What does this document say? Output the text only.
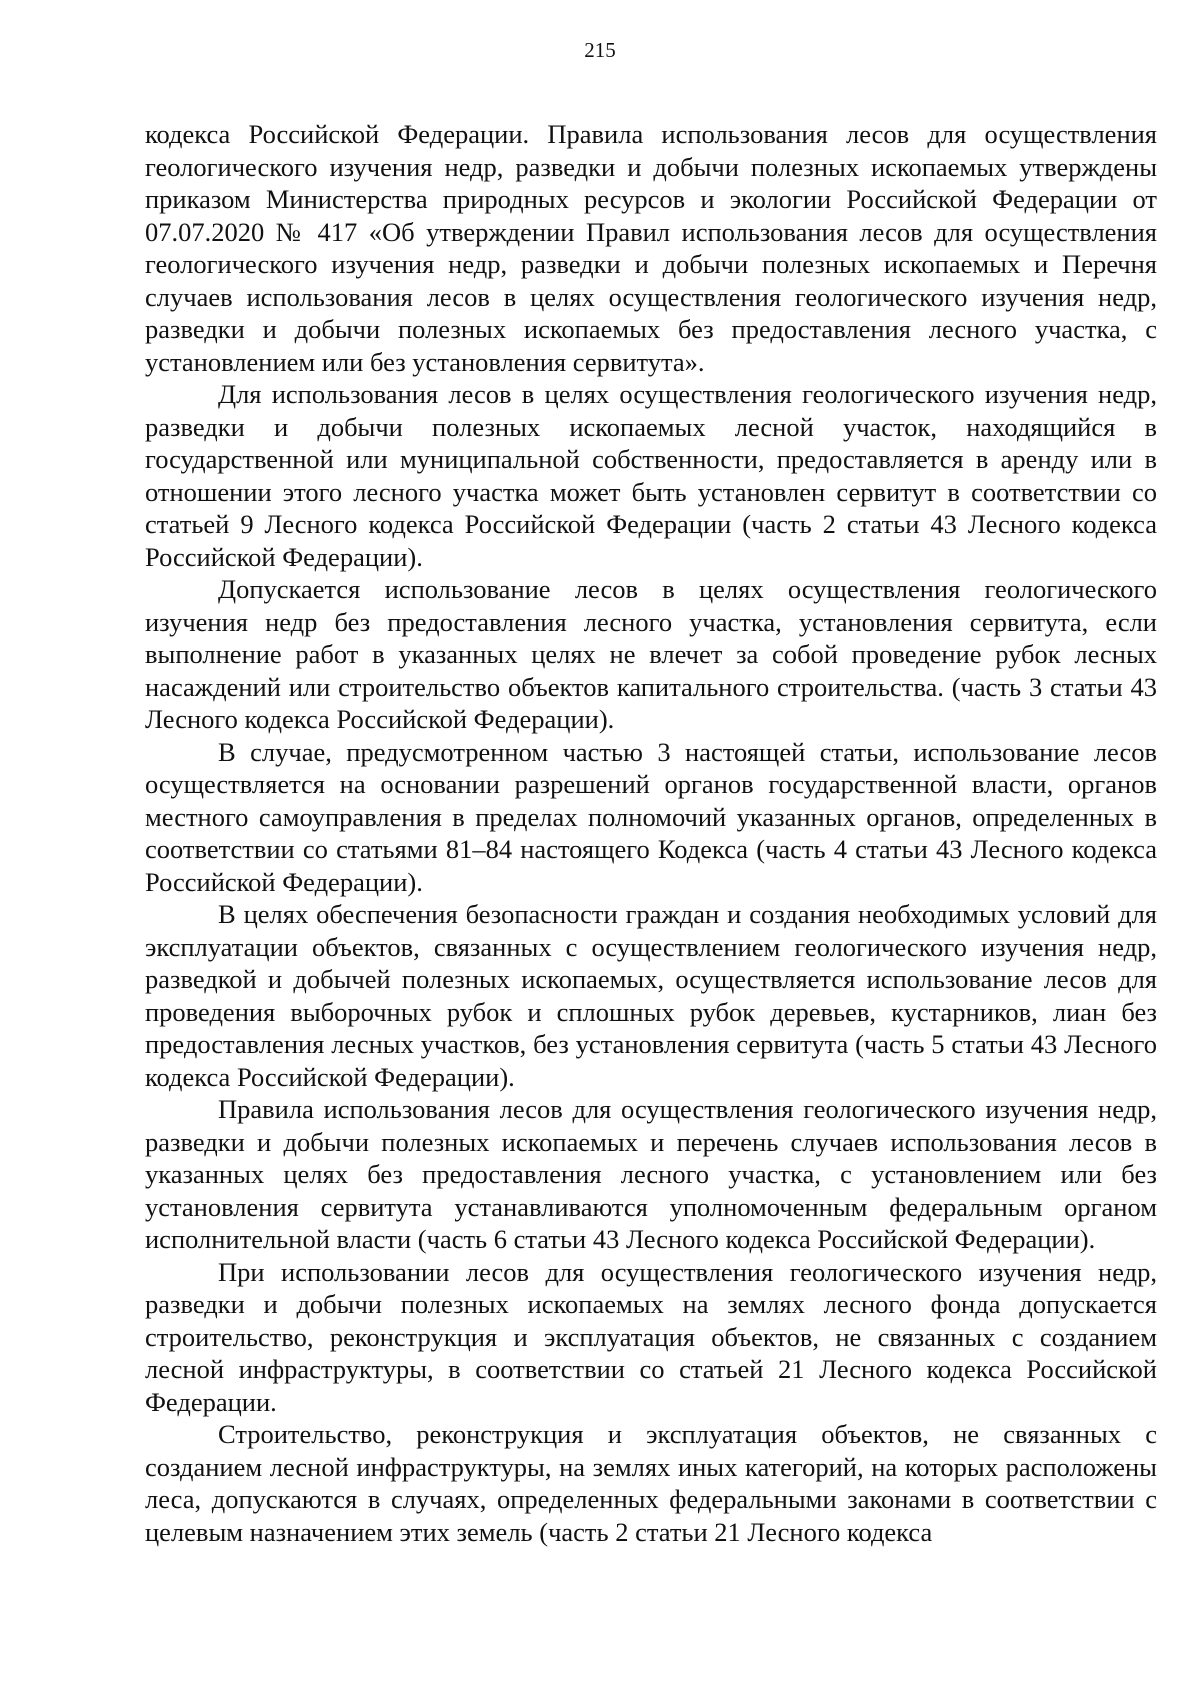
215

кодекса Российской Федерации. Правила использования лесов для осуществления геологического изучения недр, разведки и добычи полезных ископаемых утверждены приказом Министерства природных ресурсов и экологии Российской Федерации от 07.07.2020 № 417 «Об утверждении Правил использования лесов для осуществления геологического изучения недр, разведки и добычи полезных ископаемых и Перечня случаев использования лесов в целях осуществления геологического изучения недр, разведки и добычи полезных ископаемых без предоставления лесного участка, с установлением или без установления сервитута».

Для использования лесов в целях осуществления геологического изучения недр, разведки и добычи полезных ископаемых лесной участок, находящийся в государственной или муниципальной собственности, предоставляется в аренду или в отношении этого лесного участка может быть установлен сервитут в соответствии со статьей 9 Лесного кодекса Российской Федерации (часть 2 статьи 43 Лесного кодекса Российской Федерации).

Допускается использование лесов в целях осуществления геологического изучения недр без предоставления лесного участка, установления сервитута, если выполнение работ в указанных целях не влечет за собой проведение рубок лесных насаждений или строительство объектов капитального строительства. (часть 3 статьи 43 Лесного кодекса Российской Федерации).

В случае, предусмотренном частью 3 настоящей статьи, использование лесов осуществляется на основании разрешений органов государственной власти, органов местного самоуправления в пределах полномочий указанных органов, определенных в соответствии со статьями 81–84 настоящего Кодекса (часть 4 статьи 43 Лесного кодекса Российской Федерации).

В целях обеспечения безопасности граждан и создания необходимых условий для эксплуатации объектов, связанных с осуществлением геологического изучения недр, разведкой и добычей полезных ископаемых, осуществляется использование лесов для проведения выборочных рубок и сплошных рубок деревьев, кустарников, лиан без предоставления лесных участков, без установления сервитута (часть 5 статьи 43 Лесного кодекса Российской Федерации).

Правила использования лесов для осуществления геологического изучения недр, разведки и добычи полезных ископаемых и перечень случаев использования лесов в указанных целях без предоставления лесного участка, с установлением или без установления сервитута устанавливаются уполномоченным федеральным органом исполнительной власти (часть 6 статьи 43 Лесного кодекса Российской Федерации).

При использовании лесов для осуществления геологического изучения недр, разведки и добычи полезных ископаемых на землях лесного фонда допускается строительство, реконструкция и эксплуатация объектов, не связанных с созданием лесной инфраструктуры, в соответствии со статьей 21 Лесного кодекса Российской Федерации.

Строительство, реконструкция и эксплуатация объектов, не связанных с созданием лесной инфраструктуры, на землях иных категорий, на которых расположены леса, допускаются в случаях, определенных федеральными законами в соответствии с целевым назначением этих земель (часть 2 статьи 21 Лесного кодекса
